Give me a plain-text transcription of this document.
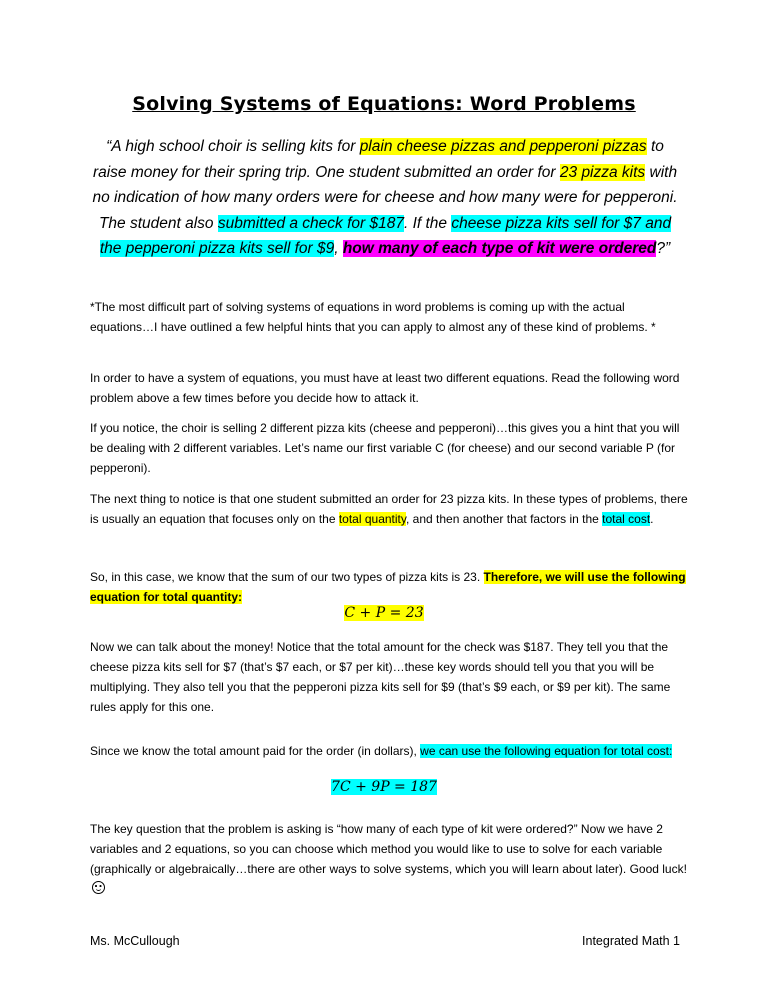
Solving Systems of Equations: Word Problems
“A high school choir is selling kits for plain cheese pizzas and pepperoni pizzas to raise money for their spring trip. One student submitted an order for 23 pizza kits with no indication of how many orders were for cheese and how many were for pepperoni. The student also submitted a check for $187. If the cheese pizza kits sell for $7 and the pepperoni pizza kits sell for $9, how many of each type of kit were ordered?”
*The most difficult part of solving systems of equations in word problems is coming up with the actual equations…I have outlined a few helpful hints that you can apply to almost any of these kind of problems. *
In order to have a system of equations, you must have at least two different equations. Read the following word problem above a few times before you decide how to attack it.
If you notice, the choir is selling 2 different pizza kits (cheese and pepperoni)…this gives you a hint that you will be dealing with 2 different variables. Let’s name our first variable C (for cheese) and our second variable P (for pepperoni).
The next thing to notice is that one student submitted an order for 23 pizza kits. In these types of problems, there is usually an equation that focuses only on the total quantity, and then another that factors in the total cost.
So, in this case, we know that the sum of our two types of pizza kits is 23. Therefore, we will use the following equation for total quantity:
C + P = 23
Now we can talk about the money! Notice that the total amount for the check was $187. They tell you that the cheese pizza kits sell for $7 (that’s $7 each, or $7 per kit)…these key words should tell you that you will be multiplying. They also tell you that the pepperoni pizza kits sell for $9 (that’s $9 each, or $9 per kit). The same rules apply for this one.
Since we know the total amount paid for the order (in dollars), we can use the following equation for total cost:
7C + 9P = 187
The key question that the problem is asking is “how many of each type of kit were ordered?” Now we have 2 variables and 2 equations, so you can choose which method you would like to use to solve for each variable (graphically or algebraically…there are other ways to solve systems, which you will learn about later). Good luck!
Ms. McCullough	Integrated Math 1
